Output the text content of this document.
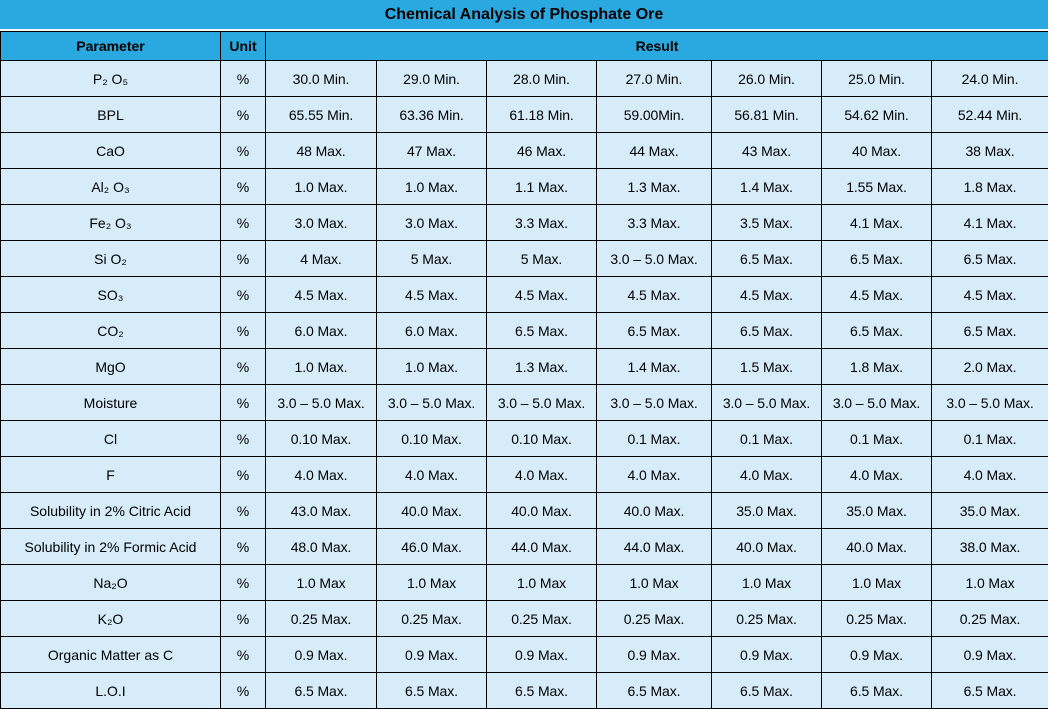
Chemical Analysis of Phosphate Ore
Parameter	Unit	Result						
P₂ O₅	%	30.0 Min.	29.0 Min.	28.0 Min.	27.0 Min.	26.0 Min.	25.0 Min.	24.0 Min.
BPL	%	65.55 Min.	63.36 Min.	61.18 Min.	59.00Min.	56.81 Min.	54.62 Min.	52.44 Min.
CaO	%	48 Max.	47 Max.	46 Max.	44 Max.	43 Max.	40 Max.	38 Max.
Al₂ O₃	%	1.0 Max.	1.0 Max.	1.1 Max.	1.3 Max.	1.4 Max.	1.55 Max.	1.8 Max.
Fe₂ O₃	%	3.0 Max.	3.0 Max.	3.3 Max.	3.3 Max.	3.5 Max.	4.1 Max.	4.1 Max.
Si O₂	%	4 Max.	5 Max.	5 Max.	3.0 – 5.0 Max.	6.5 Max.	6.5 Max.	6.5 Max.
SO₃	%	4.5 Max.	4.5 Max.	4.5 Max.	4.5 Max.	4.5 Max.	4.5 Max.	4.5 Max.
CO₂	%	6.0 Max.	6.0 Max.	6.5 Max.	6.5 Max.	6.5 Max.	6.5 Max.	6.5 Max.
MgO	%	1.0 Max.	1.0 Max.	1.3 Max.	1.4 Max.	1.5 Max.	1.8 Max.	2.0 Max.
Moisture	%	3.0 – 5.0 Max.	3.0 – 5.0 Max.	3.0 – 5.0 Max.	3.0 – 5.0 Max.	3.0 – 5.0 Max.	3.0 – 5.0 Max.	3.0 – 5.0 Max.
Cl	%	0.10 Max.	0.10 Max.	0.10 Max.	0.1 Max.	0.1 Max.	0.1 Max.	0.1 Max.
F	%	4.0 Max.	4.0 Max.	4.0 Max.	4.0 Max.	4.0 Max.	4.0 Max.	4.0 Max.
Solubility in 2% Citric Acid	%	43.0 Max.	40.0 Max.	40.0 Max.	40.0 Max.	35.0 Max.	35.0 Max.	35.0 Max.
Solubility in 2% Formic Acid	%	48.0 Max.	46.0 Max.	44.0 Max.	44.0 Max.	40.0 Max.	40.0 Max.	38.0 Max.
Na₂O	%	1.0 Max	1.0 Max	1.0 Max	1.0 Max	1.0 Max	1.0 Max	1.0 Max
K₂O	%	0.25 Max.	0.25 Max.	0.25 Max.	0.25 Max.	0.25 Max.	0.25 Max.	0.25 Max.
Organic Matter as C	%	0.9 Max.	0.9 Max.	0.9 Max.	0.9 Max.	0.9 Max.	0.9 Max.	0.9 Max.
L.O.I	%	6.5 Max.	6.5 Max.	6.5 Max.	6.5 Max.	6.5 Max.	6.5 Max.	6.5 Max.
